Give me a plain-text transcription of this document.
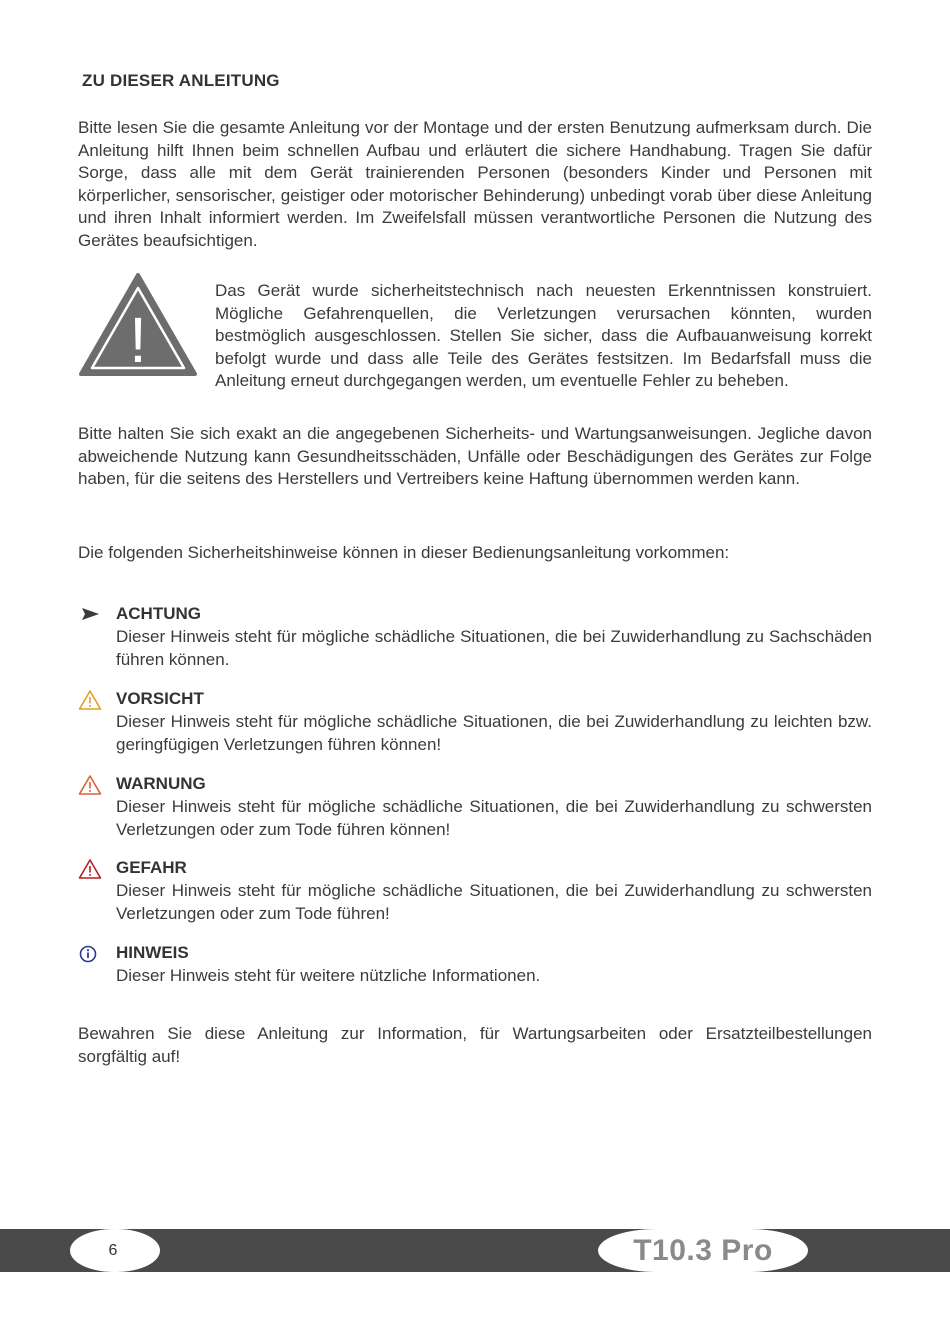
ZU DIESER ANLEITUNG

Bitte lesen Sie die gesamte Anleitung vor der Montage und der ersten Benutzung aufmerksam durch. Die Anleitung hilft Ihnen beim schnellen Aufbau und erläutert die sichere Handhabung. Tragen Sie dafür Sorge, dass alle mit dem Gerät trainierenden Personen (besonders Kinder und Personen mit körperlicher, sensorischer, geistiger oder motorischer Behinderung) unbedingt vorab über diese Anleitung und ihren Inhalt informiert werden. Im Zweifelsfall müssen verantwortliche Personen die Nutzung des Gerätes beaufsichtigen.

!

Das Gerät wurde sicherheitstechnisch nach neuesten Erkenntnissen konstruiert. Mögliche Gefahrenquellen, die Verletzungen verursachen könnten, wurden bestmöglich ausgeschlossen. Stellen Sie sicher, dass die Aufbauanweisung korrekt befolgt wurde und dass alle Teile des Gerätes festsitzen. Im Bedarfsfall muss die Anleitung erneut durchgegangen werden, um eventuelle Fehler zu beheben.

Bitte halten Sie sich exakt an die angegebenen Sicherheits- und Wartungsanweisungen. Jegliche davon abweichende Nutzung kann Gesundheitsschäden, Unfälle oder Beschädigungen des Gerätes zur Folge haben, für die seitens des Herstellers und Vertreibers keine Haftung übernommen werden kann.

Die folgenden Sicherheitshinweise können in dieser Bedienungsanleitung vorkommen:

ACHTUNG

Dieser Hinweis steht für mögliche schädliche Situationen, die bei Zuwiderhandlung zu Sachschäden führen können.

VORSICHT

Dieser Hinweis steht für mögliche schädliche Situationen, die bei Zuwiderhandlung zu leichten bzw. geringfügigen Verletzungen führen können!

WARNUNG

Dieser Hinweis steht für mögliche schädliche Situationen, die bei Zuwiderhandlung zu schwersten Verletzungen oder zum Tode führen können!

GEFAHR

Dieser Hinweis steht für mögliche schädliche Situationen, die bei Zuwiderhandlung zu schwersten Verletzungen oder zum Tode führen!

HINWEIS

Dieser Hinweis steht für weitere nützliche Informationen.

Bewahren Sie diese Anleitung zur Information, für Wartungsarbeiten oder Ersatzteilbestellungen sorgfältig auf!

6	T10.3 Pro
